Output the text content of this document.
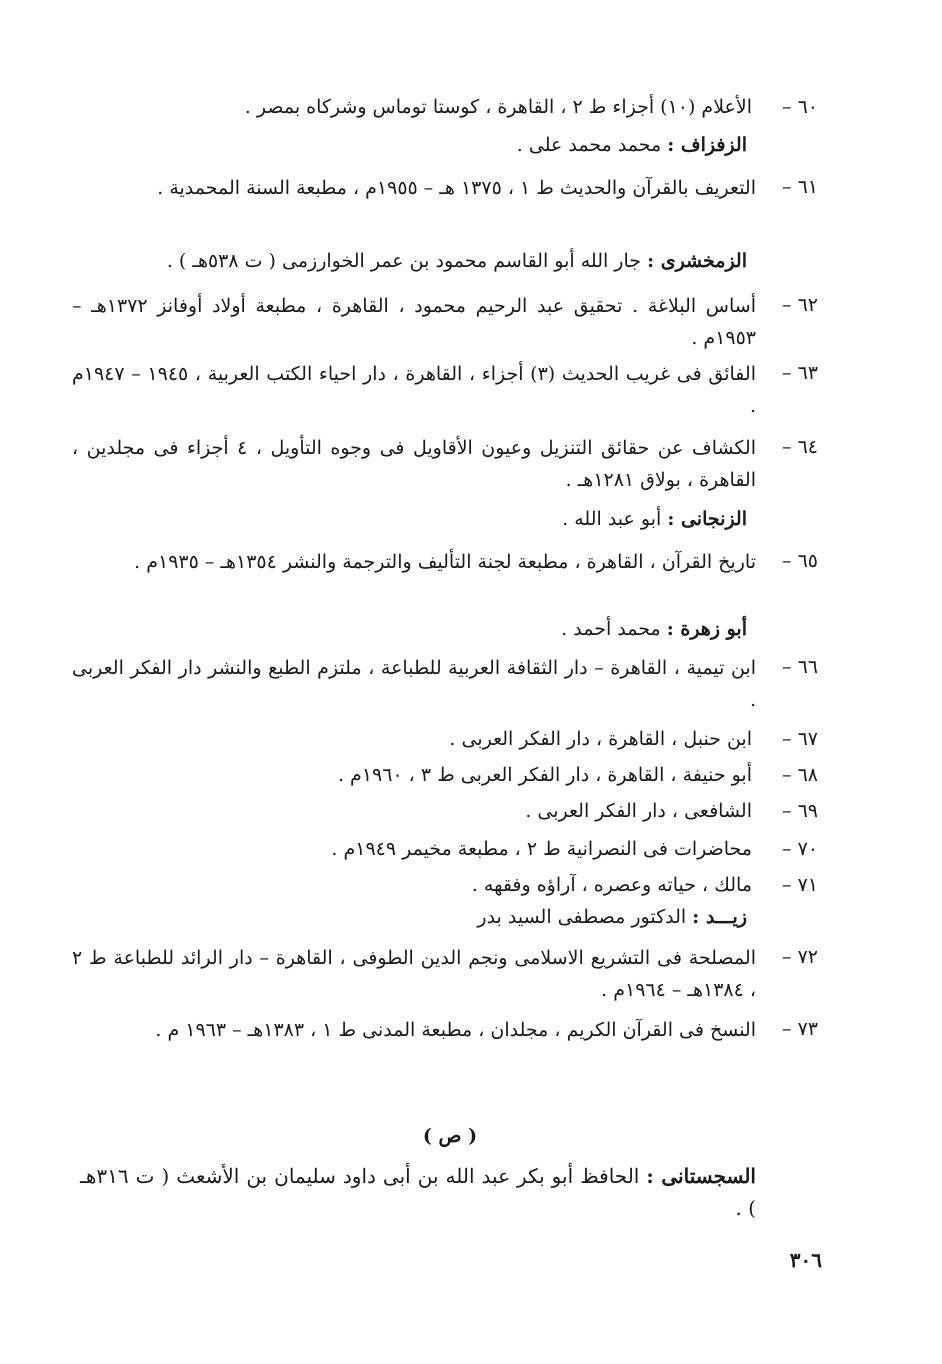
٦٠ –
الأعلام (١٠) أجزاء ط ٢ ، القاهرة ، كوستا توماس وشركاه بمصر .
الزفزاف : محمد محمد على .
٦١ –
التعريف بالقرآن والحديث ط ١ ، ١٣٧٥ هـ – ١٩٥٥م ، مطبعة السنة المحمدية .
الزمخشرى : جار الله أبو القاسم محمود بن عمر الخوارزمى ( ت ٥٣٨هـ ) .
٦٢ –
أساس البلاغة . تحقيق عبد الرحيم محمود ، القاهرة ، مطبعة أولاد أوفانز ١٣٧٢هـ – ١٩٥٣م .
٦٣ –
الفائق فى غريب الحديث (٣) أجزاء ، القاهرة ، دار احياء الكتب العربية ، ١٩٤٥ – ١٩٤٧م .
٦٤ –
الكشاف عن حقائق التنزيل وعيون الأقاويل فى وجوه التأويل ، ٤ أجزاء فى مجلدين ، القاهرة ، بولاق ١٢٨١هـ .
الزنجانى : أبو عبد الله .
٦٥ –
تاريخ القرآن ، القاهرة ، مطبعة لجنة التأليف والترجمة والنشر ١٣٥٤هـ – ١٩٣٥م .
أبو زهرة : محمد أحمد .
٦٦ –
ابن تيمية ، القاهرة – دار الثقافة العربية للطباعة ، ملتزم الطبع والنشر دار الفكر العربى .
٦٧ –
ابن حنبل ، القاهرة ، دار الفكر العربى .
٦٨ –
أبو حنيفة ، القاهرة ، دار الفكر العربى ط ٣ ، ١٩٦٠م .
٦٩ –
الشافعى ، دار الفكر العربى .
٧٠ –
محاضرات فى النصرانية ط ٢ ، مطبعة مخيمر ١٩٤٩م .
٧١ –
مالك ، حياته وعصره ، آراؤه وفقهه .
زيـــد : الدكتور مصطفى السيد بدر
٧٢ –
المصلحة فى التشريع الاسلامى ونجم الدين الطوفى ، القاهرة – دار الرائد للطباعة ط ٢ ، ١٣٨٤هـ – ١٩٦٤م .
٧٣ –
النسخ فى القرآن الكريم ، مجلدان ، مطبعة المدنى ط ١ ، ١٣٨٣هـ – ١٩٦٣ م .
( ص )
السجستانى : الحافظ أبو بكر عبد الله بن أبى داود سليمان بن الأشعث ( ت ٣١٦هـ ) .
٣٠٦
